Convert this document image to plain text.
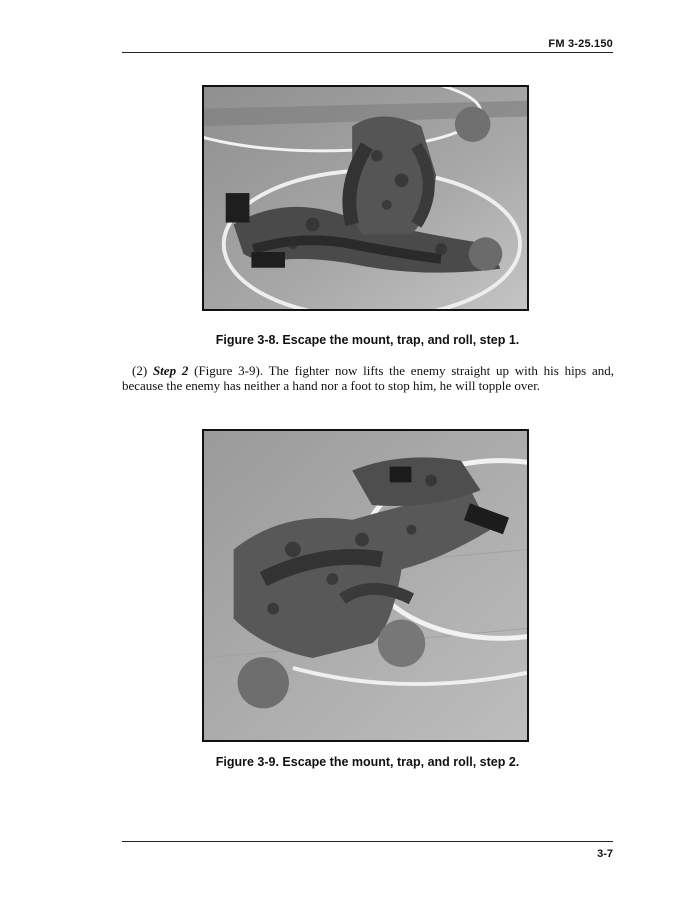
FM 3-25.150
Figure 3-8. Escape the mount, trap, and roll, step 1.
(2) Step 2 (Figure 3-9). The fighter now lifts the enemy straight up with his hips and, because the enemy has neither a hand nor a foot to stop him, he will topple over.
Figure 3-9. Escape the mount, trap, and roll, step 2.
3-7
